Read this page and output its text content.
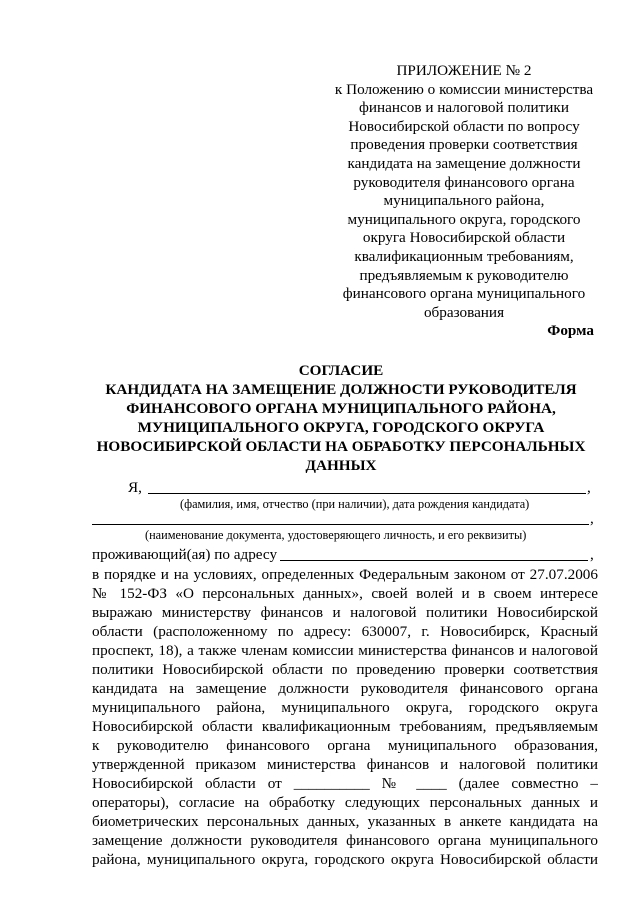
ПРИЛОЖЕНИЕ № 2
к Положению о комиссии министерства
финансов и налоговой политики
Новосибирской области по вопросу
проведения проверки соответствия
кандидата на замещение должности
руководителя финансового органа
муниципального района,
муниципального округа, городского
округа Новосибирской области
квалификационным требованиям,
предъявляемым к руководителю
финансового органа муниципального
образования
Форма
СОГЛАСИЕ
КАНДИДАТА НА ЗАМЕЩЕНИЕ ДОЛЖНОСТИ РУКОВОДИТЕЛЯ
ФИНАНСОВОГО ОРГАНА МУНИЦИПАЛЬНОГО РАЙОНА,
МУНИЦИПАЛЬНОГО ОКРУГА, ГОРОДСКОГО ОКРУГА
НОВОСИБИРСКОЙ ОБЛАСТИ НА ОБРАБОТКУ ПЕРСОНАЛЬНЫХ
ДАННЫХ
Я,	,
(фамилия, имя, отчество (при наличии), дата рождения кандидата)
,
(наименование документа, удостоверяющего личность, и его реквизиты)
проживающий(ая) по адресу	,
в порядке и на условиях, определенных Федеральным законом от 27.07.2006
№ 152-ФЗ «О персональных данных», своей волей и в своем интересе
выражаю министерству финансов и налоговой политики Новосибирской
области (расположенному по адресу: 630007, г. Новосибирск, Красный
проспект, 18), а также членам комиссии министерства финансов и налоговой
политики Новосибирской области по проведению проверки соответствия
кандидата на замещение должности руководителя финансового органа
муниципального района, муниципального округа, городского округа
Новосибирской области квалификационным требованиям, предъявляемым
к руководителю финансового органа муниципального образования,
утвержденной приказом министерства финансов и налоговой политики
Новосибирской области от __________ № ____ (далее совместно –
операторы), согласие на обработку следующих персональных данных и
биометрических персональных данных, указанных в анкете кандидата на
замещение должности руководителя финансового органа муниципального
района, муниципального округа, городского округа Новосибирской области
